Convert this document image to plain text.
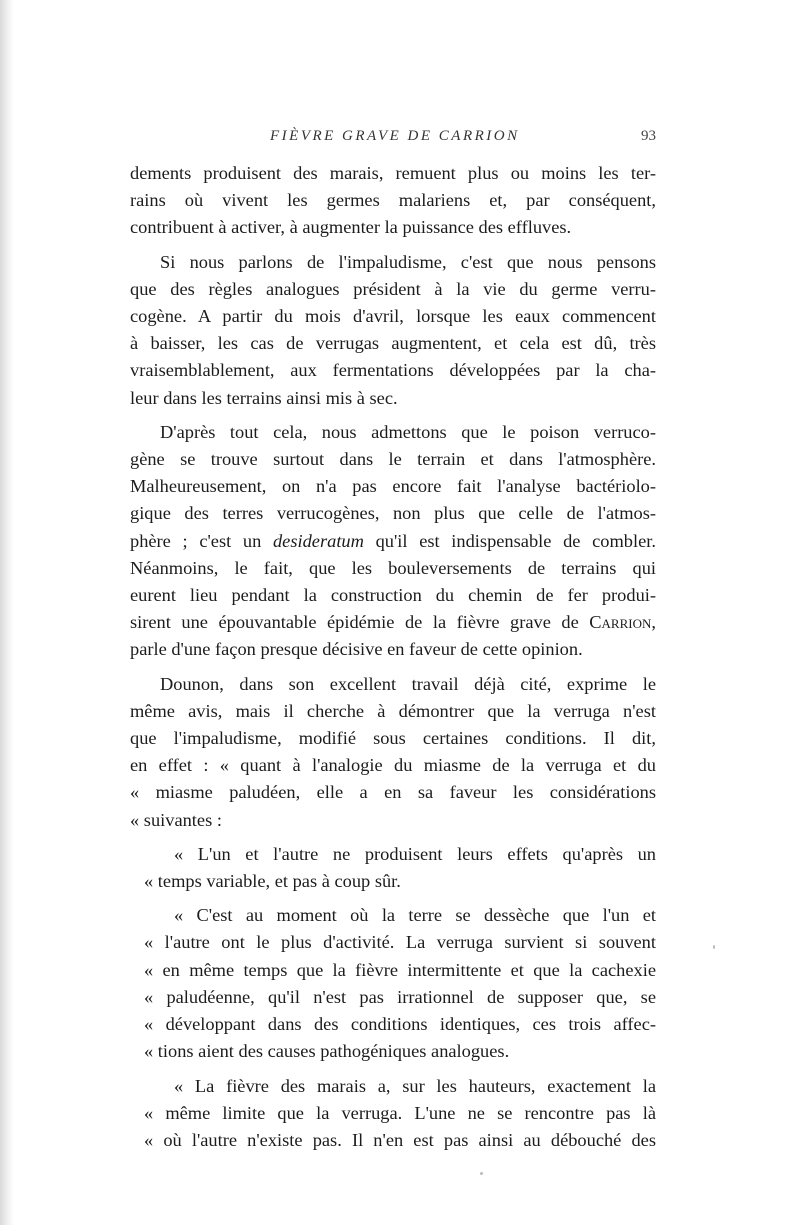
FIÈVRE GRAVE DE CARRION	93

dements produisent des marais, remuent plus ou moins les ter-
rains où vivent les germes malariens et, par conséquent,
contribuent à activer, à augmenter la puissance des effluves.

Si nous parlons de l'impaludisme, c'est que nous pensons
que des règles analogues président à la vie du germe verru-
cogène. A partir du mois d'avril, lorsque les eaux commencent
à baisser, les cas de verrugas augmentent, et cela est dû, très
vraisemblablement, aux fermentations développées par la cha-
leur dans les terrains ainsi mis à sec.

D'après tout cela, nous admettons que le poison verruco-
gène se trouve surtout dans le terrain et dans l'atmosphère.
Malheureusement, on n'a pas encore fait l'analyse bactériolo-
gique des terres verrucogènes, non plus que celle de l'atmos-
phère ; c'est un desideratum qu'il est indispensable de combler.
Néanmoins, le fait, que les bouleversements de terrains qui
eurent lieu pendant la construction du chemin de fer produi-
sirent une épouvantable épidémie de la fièvre grave de Carrion,
parle d'une façon presque décisive en faveur de cette opinion.

Dounon, dans son excellent travail déjà cité, exprime le
même avis, mais il cherche à démontrer que la verruga n'est
que l'impaludisme, modifié sous certaines conditions. Il dit,
en effet : « quant à l'analogie du miasme de la verruga et du
« miasme paludéen, elle a en sa faveur les considérations
« suivantes :

« L'un et l'autre ne produisent leurs effets qu'après un
« temps variable, et pas à coup sûr.

« C'est au moment où la terre se dessèche que l'un et
« l'autre ont le plus d'activité. La verruga survient si souvent
« en même temps que la fièvre intermittente et que la cachexie
« paludéenne, qu'il n'est pas irrationnel de supposer que, se
« développant dans des conditions identiques, ces trois affec-
« tions aient des causes pathogéniques analogues.

« La fièvre des marais a, sur les hauteurs, exactement la
« même limite que la verruga. L'une ne se rencontre pas là
« où l'autre n'existe pas. Il n'en est pas ainsi au débouché des
